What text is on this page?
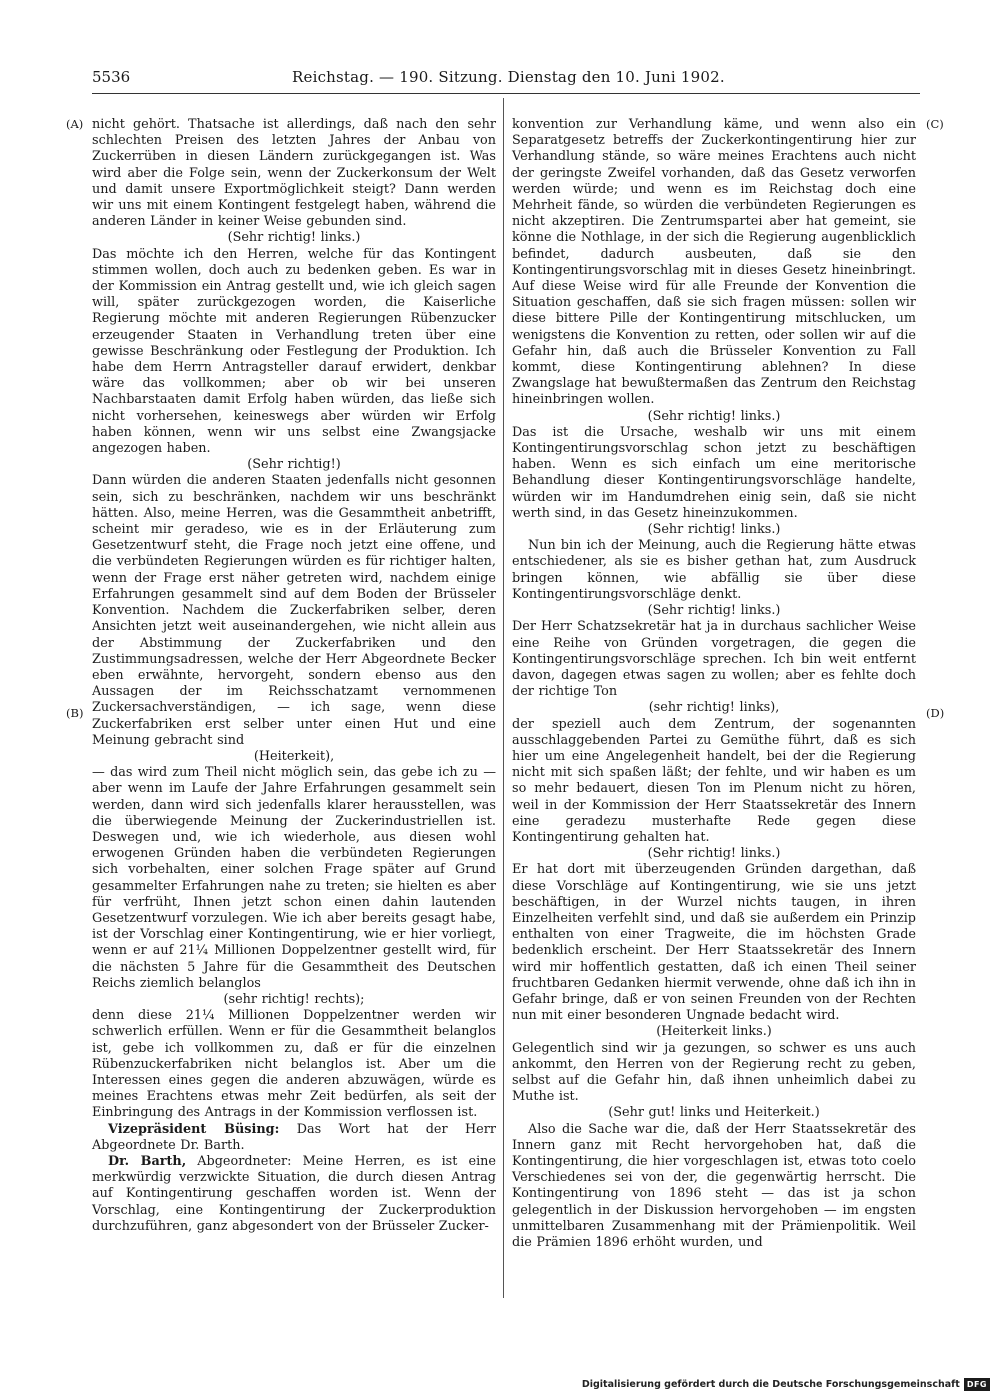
5536	Reichstag. — 190. Sitzung. Dienstag den 10. Juni 1902.
(A)
(B)
(C)
(D)

nicht gehört. Thatsache ist allerdings, daß nach den sehr schlechten Preisen des letzten Jahres der Anbau von Zuckerrüben in diesen Ländern zurückgegangen ist. Was wird aber die Folge sein, wenn der Zuckerkonsum der Welt und damit unsere Exportmöglichkeit steigt? Dann werden wir uns mit einem Kontingent festgelegt haben, während die anderen Länder in keiner Weise gebunden sind.

(Sehr richtig! links.)

Das möchte ich den Herren, welche für das Kontingent stimmen wollen, doch auch zu bedenken geben. Es war in der Kommission ein Antrag gestellt und, wie ich gleich sagen will, später zurückgezogen worden, die Kaiserliche Regierung möchte mit anderen Regierungen Rübenzucker erzeugender Staaten in Verhandlung treten über eine gewisse Beschränkung oder Festlegung der Produktion. Ich habe dem Herrn Antragsteller darauf erwidert, denkbar wäre das vollkommen; aber ob wir bei unseren Nachbarstaaten damit Erfolg haben würden, das ließe sich nicht vorhersehen, keineswegs aber würden wir Erfolg haben können, wenn wir uns selbst eine Zwangsjacke angezogen haben.

(Sehr richtig!)

Dann würden die anderen Staaten jedenfalls nicht gesonnen sein, sich zu beschränken, nachdem wir uns beschränkt hätten. Also, meine Herren, was die Gesammtheit anbetrifft, scheint mir geradeso, wie es in der Erläuterung zum Gesetzentwurf steht, die Frage noch jetzt eine offene, und die verbündeten Regierungen würden es für richtiger halten, wenn der Frage erst näher getreten wird, nachdem einige Erfahrungen gesammelt sind auf dem Boden der Brüsseler Konvention. Nachdem die Zuckerfabriken selber, deren Ansichten jetzt weit auseinandergehen, wie nicht allein aus der Abstimmung der Zuckerfabriken und den Zustimmungsadressen, welche der Herr Abgeordnete Becker eben erwähnte, hervorgeht, sondern ebenso aus den Aussagen der im Reichsschatzamt vernommenen Zuckersachverständigen, — ich sage, wenn diese Zuckerfabriken erst selber unter einen Hut und eine Meinung gebracht sind

(Heiterkeit),

— das wird zum Theil nicht möglich sein, das gebe ich zu — aber wenn im Laufe der Jahre Erfahrungen gesammelt sein werden, dann wird sich jedenfalls klarer herausstellen, was die überwiegende Meinung der Zuckerindustriellen ist. Deswegen und, wie ich wiederhole, aus diesen wohl erwogenen Gründen haben die verbündeten Regierungen sich vorbehalten, einer solchen Frage später auf Grund gesammelter Erfahrungen nahe zu treten; sie hielten es aber für verfrüht, Ihnen jetzt schon einen dahin lautenden Gesetzentwurf vorzulegen. Wie ich aber bereits gesagt habe, ist der Vorschlag einer Kontingentirung, wie er hier vorliegt, wenn er auf 21¼ Millionen Doppelzentner gestellt wird, für die nächsten 5 Jahre für die Gesammtheit des Deutschen Reichs ziemlich belanglos

(sehr richtig! rechts);

denn diese 21¼ Millionen Doppelzentner werden wir schwerlich erfüllen. Wenn er für die Gesammtheit belanglos ist, gebe ich vollkommen zu, daß er für die einzelnen Rübenzuckerfabriken nicht belanglos ist. Aber um die Interessen eines gegen die anderen abzuwägen, würde es meines Erachtens etwas mehr Zeit bedürfen, als seit der Einbringung des Antrags in der Kommission verflossen ist.

Vizepräsident Büsing: Das Wort hat der Herr Abgeordnete Dr. Barth.

Dr. Barth, Abgeordneter: Meine Herren, es ist eine merkwürdig verzwickte Situation, die durch diesen Antrag auf Kontingentirung geschaffen worden ist. Wenn der Vorschlag, eine Kontingentirung der Zuckerproduktion durchzuführen, ganz abgesondert von der Brüsseler Zucker-

konvention zur Verhandlung käme, und wenn also ein Separatgesetz betreffs der Zuckerkontingentirung hier zur Verhandlung stände, so wäre meines Erachtens auch nicht der geringste Zweifel vorhanden, daß das Gesetz verworfen werden würde; und wenn es im Reichstag doch eine Mehrheit fände, so würden die verbündeten Regierungen es nicht akzeptiren. Die Zentrumspartei aber hat gemeint, sie könne die Nothlage, in der sich die Regierung augenblicklich befindet, dadurch ausbeuten, daß sie den Kontingentirungsvorschlag mit in dieses Gesetz hineinbringt. Auf diese Weise wird für alle Freunde der Konvention die Situation geschaffen, daß sie sich fragen müssen: sollen wir diese bittere Pille der Kontingentirung mitschlucken, um wenigstens die Konvention zu retten, oder sollen wir auf die Gefahr hin, daß auch die Brüsseler Konvention zu Fall kommt, diese Kontingentirung ablehnen? In diese Zwangslage hat bewußtermaßen das Zentrum den Reichstag hineinbringen wollen.

(Sehr richtig! links.)

Das ist die Ursache, weshalb wir uns mit einem Kontingentirungsvorschlag schon jetzt zu beschäftigen haben. Wenn es sich einfach um eine meritorische Behandlung dieser Kontingentirungsvorschläge handelte, würden wir im Handumdrehen einig sein, daß sie nicht werth sind, in das Gesetz hineinzukommen.

(Sehr richtig! links.)

Nun bin ich der Meinung, auch die Regierung hätte etwas entschiedener, als sie es bisher gethan hat, zum Ausdruck bringen können, wie abfällig sie über diese Kontingentirungsvorschläge denkt.

(Sehr richtig! links.)

Der Herr Schatzsekretär hat ja in durchaus sachlicher Weise eine Reihe von Gründen vorgetragen, die gegen die Kontingentirungsvorschläge sprechen. Ich bin weit entfernt davon, dagegen etwas sagen zu wollen; aber es fehlte doch der richtige Ton

(sehr richtig! links),

der speziell auch dem Zentrum, der sogenannten ausschlaggebenden Partei zu Gemüthe führt, daß es sich hier um eine Angelegenheit handelt, bei der die Regierung nicht mit sich spaßen läßt; der fehlte, und wir haben es um so mehr bedauert, diesen Ton im Plenum nicht zu hören, weil in der Kommission der Herr Staatssekretär des Innern eine geradezu musterhafte Rede gegen diese Kontingentirung gehalten hat.

(Sehr richtig! links.)

Er hat dort mit überzeugenden Gründen dargethan, daß diese Vorschläge auf Kontingentirung, wie sie uns jetzt beschäftigen, in der Wurzel nichts taugen, in ihren Einzelheiten verfehlt sind, und daß sie außerdem ein Prinzip enthalten von einer Tragweite, die im höchsten Grade bedenklich erscheint. Der Herr Staatssekretär des Innern wird mir hoffentlich gestatten, daß ich einen Theil seiner fruchtbaren Gedanken hiermit verwende, ohne daß ich ihn in Gefahr bringe, daß er von seinen Freunden von der Rechten nun mit einer besonderen Ungnade bedacht wird.

(Heiterkeit links.)

Gelegentlich sind wir ja gezungen, so schwer es uns auch ankommt, den Herren von der Regierung recht zu geben, selbst auf die Gefahr hin, daß ihnen unheimlich dabei zu Muthe ist.

(Sehr gut! links und Heiterkeit.)

Also die Sache war die, daß der Herr Staatssekretär des Innern ganz mit Recht hervorgehoben hat, daß die Kontingentirung, die hier vorgeschlagen ist, etwas toto coelo Verschiedenes sei von der, die gegenwärtig herrscht. Die Kontingentirung von 1896 steht — das ist ja schon gelegentlich in der Diskussion hervorgehoben — im engsten unmittelbaren Zusammenhang mit der Prämienpolitik. Weil die Prämien 1896 erhöht wurden, und

Digitalisierung gefördert durch die Deutsche Forschungsgemeinschaft DFG
